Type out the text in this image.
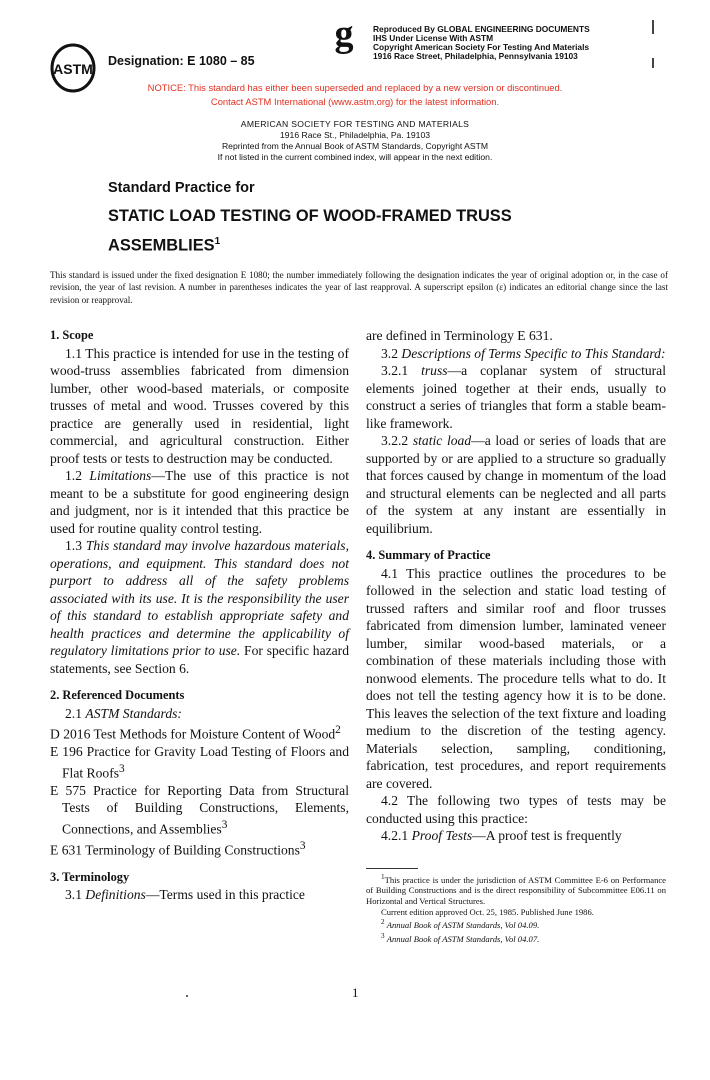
ASTM Designation: E 1080 – 85
g Reproduced By GLOBAL ENGINEERING DOCUMENTS
IHS Under License With ASTM
Copyright American Society For Testing And Materials
1916 Race Street, Philadelphia, Pennsylvania 19103
NOTICE: This standard has either been superseded and replaced by a new version or discontinued.
Contact ASTM International (www.astm.org) for the latest information.
AMERICAN SOCIETY FOR TESTING AND MATERIALS
1916 Race St., Philadelphia, Pa. 19103
Reprinted from the Annual Book of ASTM Standards, Copyright ASTM
If not listed in the current combined index, will appear in the next edition.
Standard Practice for
STATIC LOAD TESTING OF WOOD-FRAMED TRUSS
ASSEMBLIES$^1$
This standard is issued under the fixed designation E 1080; the number immediately following the designation indicates the year of original adoption or, in the case of revision, the year of last revision. A number in parentheses indicates the year of last reapproval. A superscript epsilon (ε) indicates an editorial change since the last revision or reapproval.

1. Scope

1.1 This practice is intended for use in the testing of wood-truss assemblies fabricated from dimension lumber, other wood-based materials, or composite trusses of metal and wood. Trusses covered by this practice are generally used in residential, light commercial, and agricultural construction. Either proof tests or tests to destruction may be conducted.

1.2 Limitations—The use of this practice is not meant to be a substitute for good engineering design and judgment, nor is it intended that this practice be used for routine quality control testing.

1.3 This standard may involve hazardous materials, operations, and equipment. This standard does not purport to address all of the safety problems associated with its use. It is the responsibility the user of this standard to establish appropriate safety and health practices and determine the applicability of regulatory limitations prior to use. For specific hazard statements, see Section 6.

2. Referenced Documents

2.1 ASTM Standards:

D 2016 Test Methods for Moisture Content of Wood$^2$

E 196 Practice for Gravity Load Testing of Floors and Flat Roofs$^3$

E 575 Practice for Reporting Data from Structural Tests of Building Constructions, Elements, Connections, and Assemblies$^3$

E 631 Terminology of Building Constructions$^3$

3. Terminology

3.1 Definitions—Terms used in this practice

are defined in Terminology E 631.

3.2 Descriptions of Terms Specific to This Standard:

3.2.1 truss—a coplanar system of structural elements joined together at their ends, usually to construct a series of triangles that form a stable beam-like framework.

3.2.2 static load—a load or series of loads that are supported by or are applied to a structure so gradually that forces caused by change in momentum of the load and structural elements can be neglected and all parts of the system at any instant are essentially in equilibrium.

4. Summary of Practice

4.1 This practice outlines the procedures to be followed in the selection and static load testing of trussed rafters and similar roof and floor trusses fabricated from dimension lumber, laminated veneer lumber, similar wood-based materials, or a combination of these materials including those with nonwood elements. The procedure tells what to do. It does not tell the testing agency how it is to be done. This leaves the selection of the text fixture and loading medium to the discretion of the testing agency. Materials selection, sampling, conditioning, fabrication, test procedures, and report requirements are covered.

4.2 The following two types of tests may be conducted using this practice:

4.2.1 Proof Tests—A proof test is frequently

$^1$This practice is under the jurisdiction of ASTM Committee E-6 on Performance of Building Constructions and is the direct responsibility of Subcommittee E06.11 on Horizontal and Vertical Structures.

Current edition approved Oct. 25, 1985. Published June 1986.

$^2$ Annual Book of ASTM Standards, Vol 04.09.

$^3$ Annual Book of ASTM Standards, Vol 04.07.

1
